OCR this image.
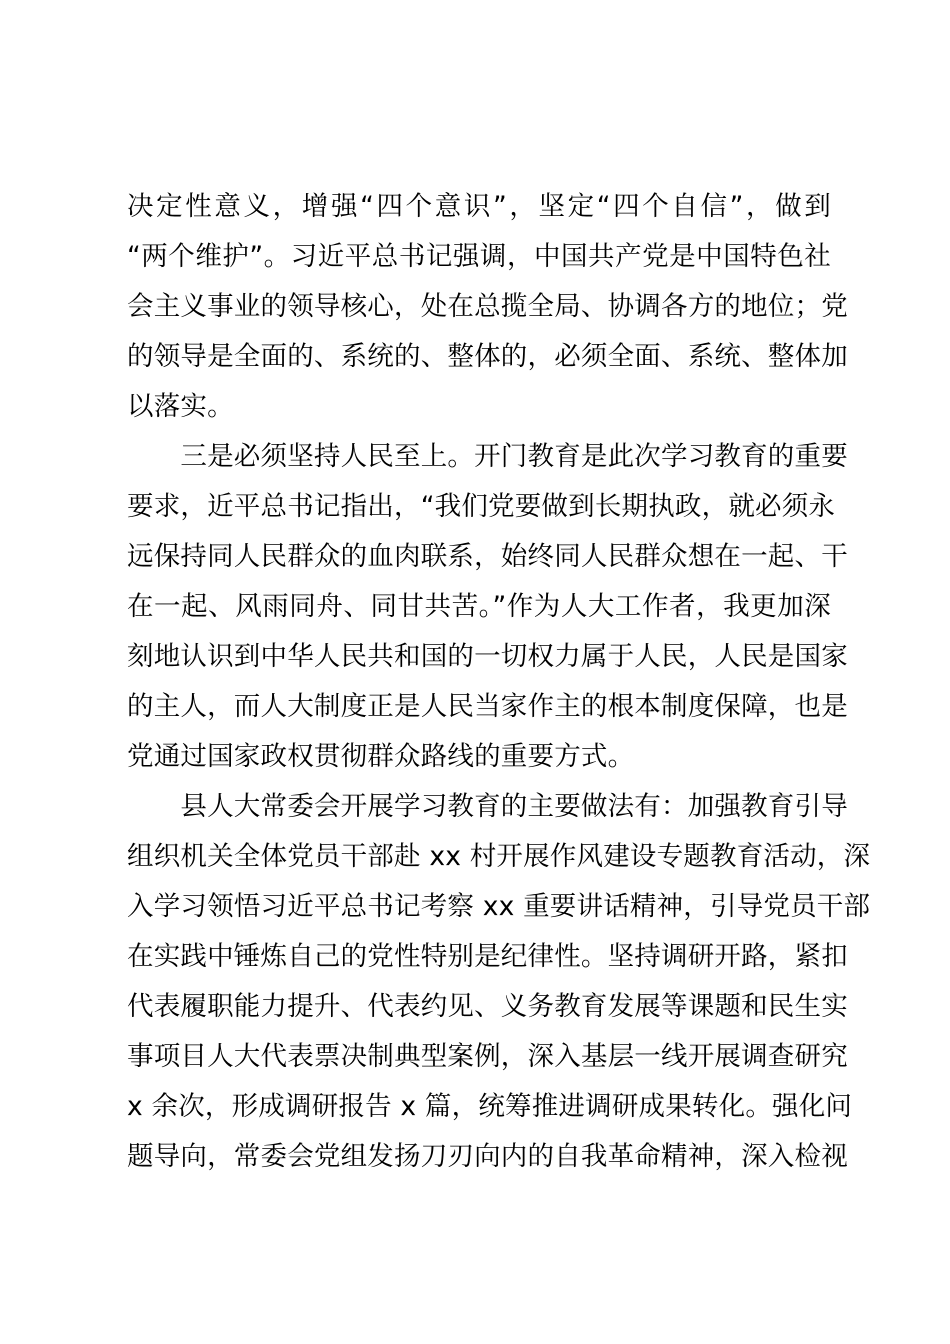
决定性意义，增强“四个意识”，坚定“四个自信”，做到
“两个维护”。习近平总书记强调，中国共产党是中国特色社
会主义事业的领导核心，处在总揽全局、协调各方的地位；党
的领导是全面的、系统的、整体的，必须全面、系统、整体加
以落实。
　　三是必须坚持人民至上。开门教育是此次学习教育的重要
要求，近平总书记指出，“我们党要做到长期执政，就必须永
远保持同人民群众的血肉联系，始终同人民群众想在一起、干
在一起、风雨同舟、同甘共苦。”作为人大工作者，我更加深
刻地认识到中华人民共和国的一切权力属于人民，人民是国家
的主人，而人大制度正是人民当家作主的根本制度保障，也是
党通过国家政权贯彻群众路线的重要方式。
　　县人大常委会开展学习教育的主要做法有：加强教育引导
组织机关全体党员干部赴 xx 村开展作风建设专题教育活动，深
入学习领悟习近平总书记考察 xx 重要讲话精神，引导党员干部
在实践中锤炼自己的党性特别是纪律性。坚持调研开路，紧扣
代表履职能力提升、代表约见、义务教育发展等课题和民生实
事项目人大代表票决制典型案例，深入基层一线开展调查研究
x 余次，形成调研报告 x 篇，统筹推进调研成果转化。强化问
题导向，常委会党组发扬刀刃向内的自我革命精神，深入检视
